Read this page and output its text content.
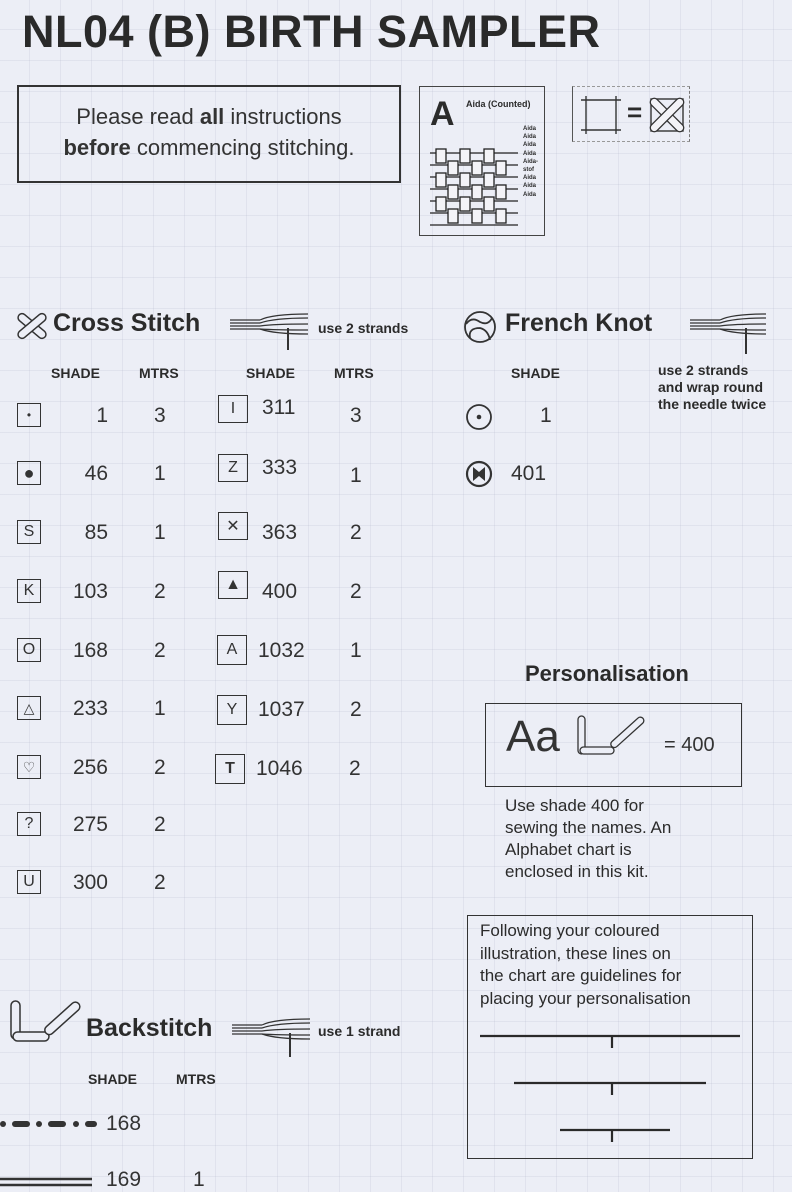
NL04 (B) BIRTH SAMPLER
Please read all instructions
before commencing stitching.
A Aida (Counted)
Aida
Aida
Aida
Aida
Aida-stof
Aida
Aida
Aida
=
Cross Stitch	use 2 strands
SHADE	MTRS	SHADE	MTRS
•	1 3
●	46 1
S	85 1
K	103 2
O	168 2
△	233 1
♡	256 2
?	275 2
U	300 2
I	311	3
Z	333	1
✕	363	2
▲	400	2
A 1032 1
Y 1037 2
T	1046 2
French Knot
use 2 strands
and wrap round
the needle twice
SHADE
1
401
Personalisation
Aa	= 400
Use shade 400 for
sewing the names. An
Alphabet chart is
enclosed in this kit.
Following your coloured
illustration, these lines on
the chart are guidelines for
placing your personalisation
Backstitch	use 1 strand
SHADE	MTRS
168
169 1
